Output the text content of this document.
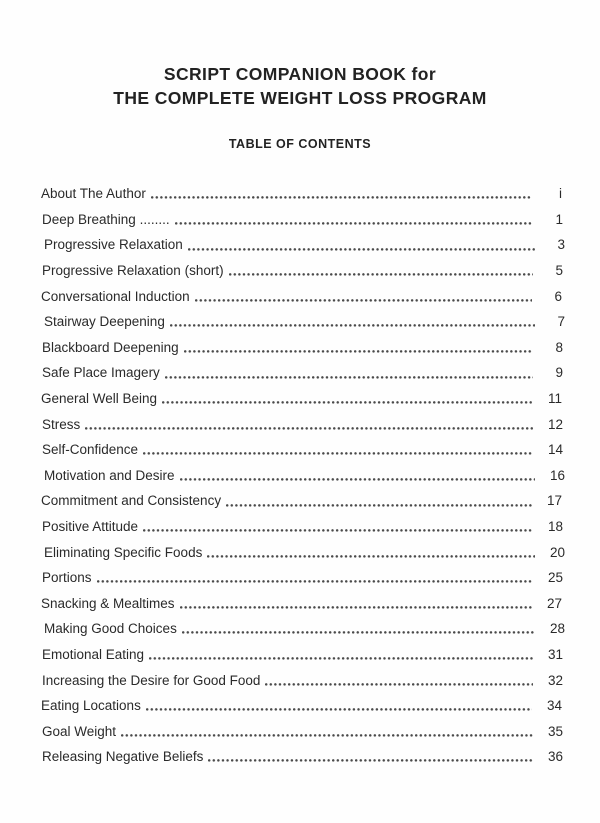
SCRIPT COMPANION BOOK for
THE COMPLETE WEIGHT LOSS PROGRAM
TABLE OF CONTENTS
About The Author	i
Deep Breathing ........	1
Progressive Relaxation	3
Progressive Relaxation (short)	5
Conversational Induction	6
Stairway Deepening	7
Blackboard Deepening	8
Safe Place Imagery	9
General Well Being	11
Stress	12
Self-Confidence	14
Motivation and Desire	16
Commitment and Consistency	17
Positive Attitude	18
Eliminating Specific Foods	20
Portions	25
Snacking & Mealtimes	27
Making Good Choices	28
Emotional Eating	31
Increasing the Desire for Good Food	32
Eating Locations	34
Goal Weight	35
Releasing Negative Beliefs	36
